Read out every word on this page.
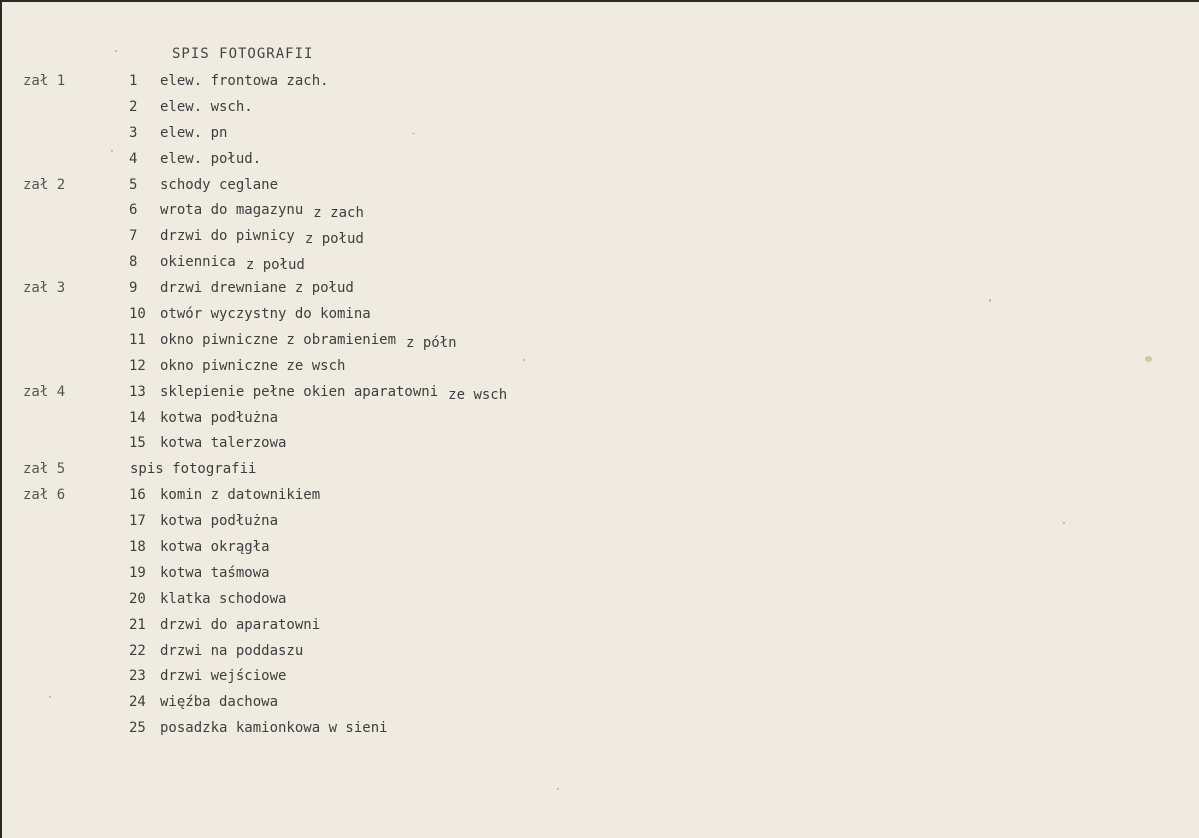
SPIS FOTOGRAFII
zał 1	1 elew. frontowa zach.
2 elew. wsch.
3 elew. pn
4 elew. połud.
zał 2	5 schody ceglane
6 wrota do magazynu z zach
7 drzwi do piwnicy z połud
8 okiennica z połud
zał 3	9 drzwi drewniane z połud
10 otwór wyczystny do komina
11 okno piwniczne z obramieniem z półn
12 okno piwniczne ze wsch
zał 4	13 sklepienie pełne okien aparatowni ze wsch
14 kotwa podłużna
15 kotwa talerzowa
zał 5	spis fotografii
zał 6	16 komin z datownikiem
17 kotwa podłużna
18 kotwa okrągła
19 kotwa taśmowa
20 klatka schodowa
21 drzwi do aparatowni
22 drzwi na poddaszu
23 drzwi wejściowe
24 więźba dachowa
25 posadzka kamionkowa w sieni
